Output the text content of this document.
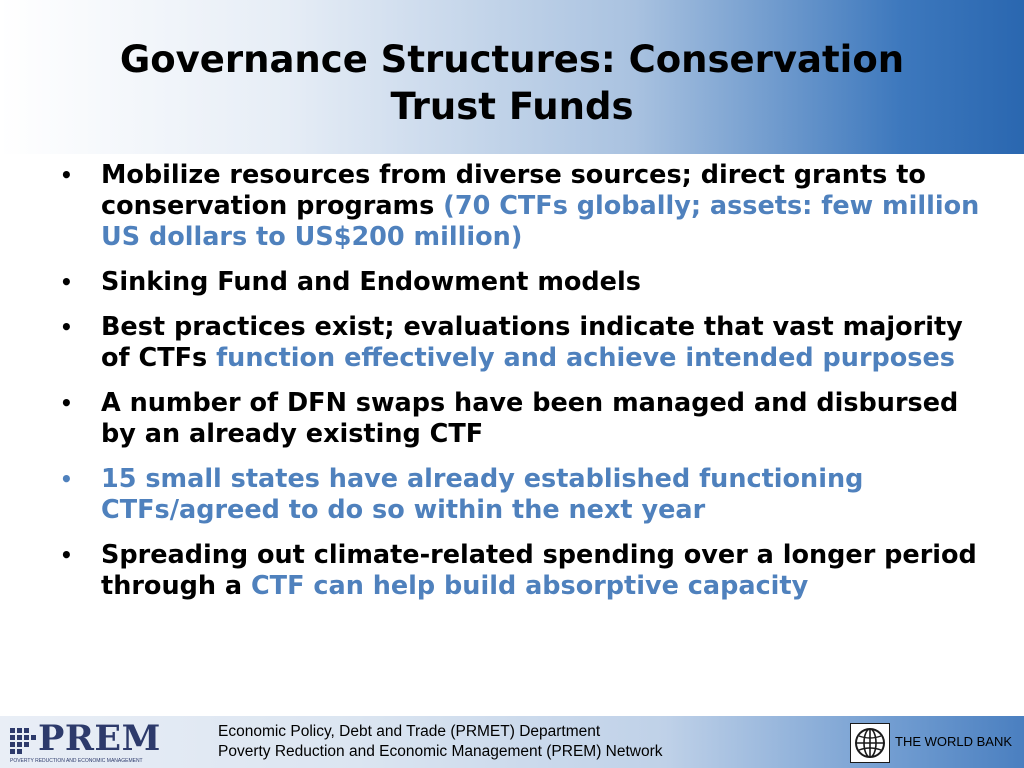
Governance Structures: Conservation
Trust Funds
• Mobilize resources from diverse sources; direct grants to conservation programs (70 CTFs globally; assets: few million US dollars to US$200 million)
• Sinking Fund and Endowment models
• Best practices exist; evaluations indicate that vast majority of CTFs function effectively and achieve intended purposes
• A number of DFN swaps have been managed and disbursed by an already existing CTF
• 15 small states have already established functioning CTFs/agreed to do so within the next year
• Spreading out climate-related spending over a longer period through a CTF can help build absorptive capacity
PREM
POVERTY REDUCTION AND ECONOMIC MANAGEMENT
Economic Policy, Debt and Trade (PRMET) Department
Poverty Reduction and Economic Management (PREM) Network
THE WORLD BANK
